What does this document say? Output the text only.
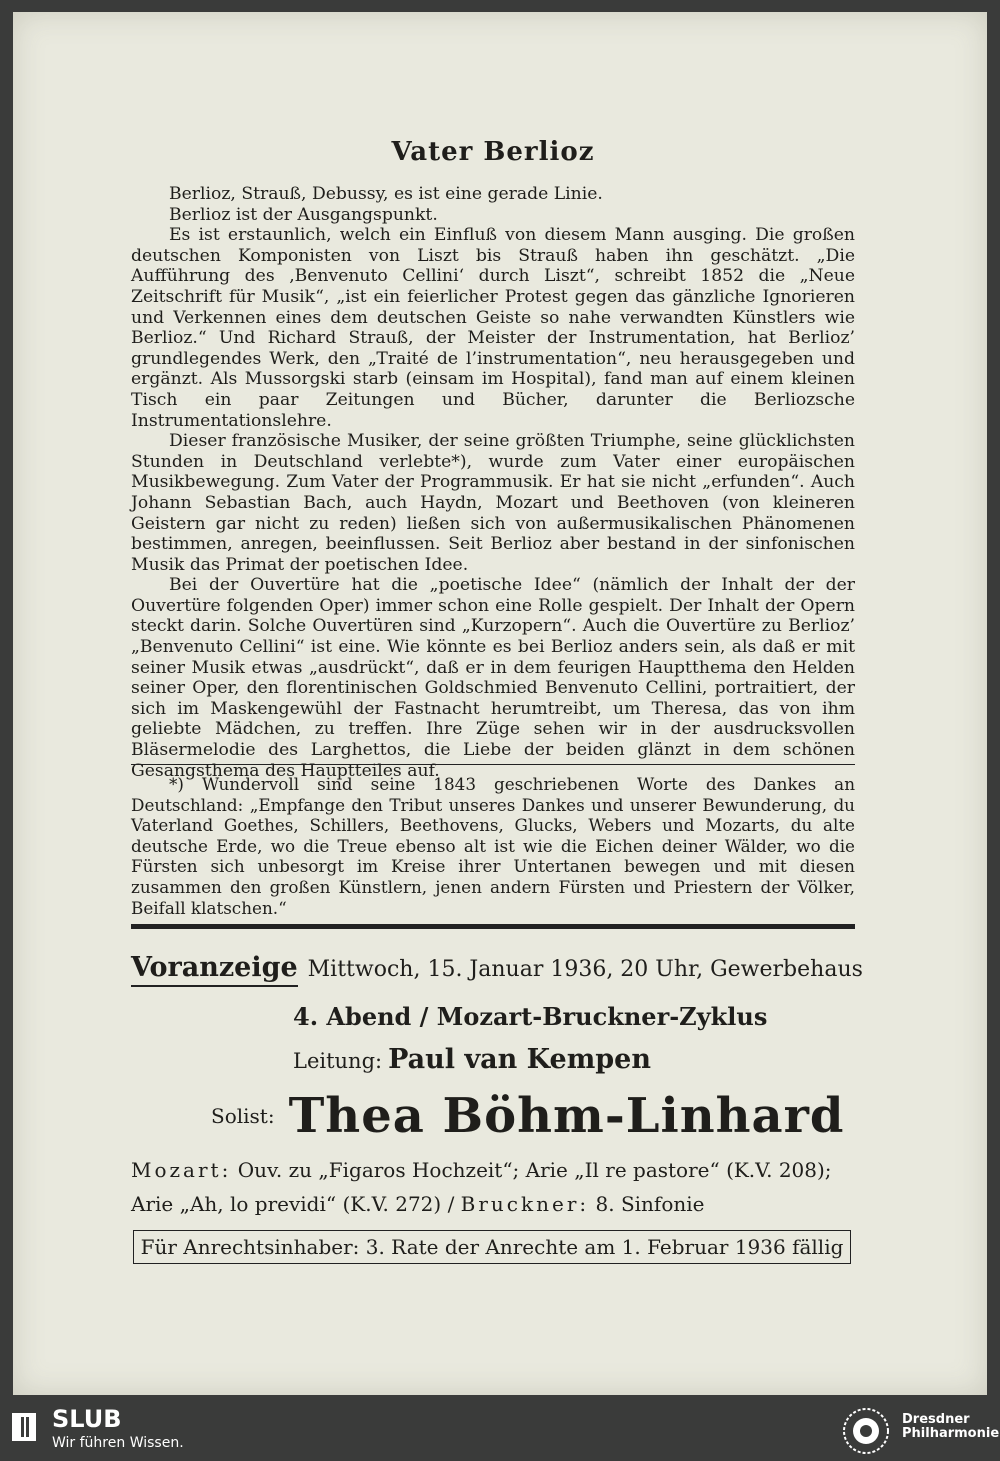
Vater Berlioz

Berlioz, Strauß, Debussy, es ist eine gerade Linie.

Berlioz ist der Ausgangspunkt.

Es ist erstaunlich, welch ein Einfluß von diesem Mann ausging. Die großen deutschen Komponisten von Liszt bis Strauß haben ihn geschätzt. „Die Aufführung des ‚Benvenuto Cellini‘ durch Liszt“, schreibt 1852 die „Neue Zeitschrift für Musik“, „ist ein feierlicher Protest gegen das gänzliche Ignorieren und Verkennen eines dem deutschen Geiste so nahe verwandten Künstlers wie Berlioz.“ Und Richard Strauß, der Meister der Instrumentation, hat Berlioz’ grundlegendes Werk, den „Traité de l’instrumentation“, neu herausgegeben und ergänzt. Als Mussorgski starb (einsam im Hospital), fand man auf einem kleinen Tisch ein paar Zeitungen und Bücher, darunter die Berliozsche Instrumentationslehre.

Dieser französische Musiker, der seine größten Triumphe, seine glücklichsten Stunden in Deutschland verlebte*), wurde zum Vater einer europäischen Musikbewegung. Zum Vater der Programmusik. Er hat sie nicht „erfunden“. Auch Johann Sebastian Bach, auch Haydn, Mozart und Beethoven (von kleineren Geistern gar nicht zu reden) ließen sich von außermusikalischen Phänomenen bestimmen, anregen, beeinflussen. Seit Berlioz aber bestand in der sinfonischen Musik das Primat der poetischen Idee.

Bei der Ouvertüre hat die „poetische Idee“ (nämlich der Inhalt der der Ouvertüre folgenden Oper) immer schon eine Rolle gespielt. Der Inhalt der Opern steckt darin. Solche Ouvertüren sind „Kurzopern“. Auch die Ouvertüre zu Berlioz’ „Benvenuto Cellini“ ist eine. Wie könnte es bei Berlioz anders sein, als daß er mit seiner Musik etwas „ausdrückt“, daß er in dem feurigen Hauptthema den Helden seiner Oper, den florentinischen Goldschmied Benvenuto Cellini, portraitiert, der sich im Maskengewühl der Fastnacht herumtreibt, um Theresa, das von ihm geliebte Mädchen, zu treffen. Ihre Züge sehen wir in der ausdrucksvollen Bläsermelodie des Larghettos, die Liebe der beiden glänzt in dem schönen Gesangsthema des Hauptteiles auf.

*) Wundervoll sind seine 1843 geschriebenen Worte des Dankes an Deutschland: „Empfange den Tribut unseres Dankes und unserer Bewunderung, du Vaterland Goethes, Schillers, Beethovens, Glucks, Webers und Mozarts, du alte deutsche Erde, wo die Treue ebenso alt ist wie die Eichen deiner Wälder, wo die Fürsten sich unbesorgt im Kreise ihrer Untertanen bewegen und mit diesen zusammen den großen Künstlern, jenen andern Fürsten und Priestern der Völker, Beifall klatschen.“

Voranzeige Mittwoch, 15. Januar 1936, 20 Uhr, Gewerbehaus
4. Abend / Mozart-Bruckner-Zyklus
Leitung: Paul van Kempen
Solist: Thea Böhm-Linhard
Mozart: Ouv. zu „Figaros Hochzeit“; Arie „Il re pastore“ (K.V. 208);
Arie „Ah, lo previdi“ (K.V. 272) / Bruckner: 8. Sinfonie
Für Anrechtsinhaber: 3. Rate der Anrechte am 1. Februar 1936 fällig
SLUB
Wir führen Wissen.
Dresdner Philharmonie
